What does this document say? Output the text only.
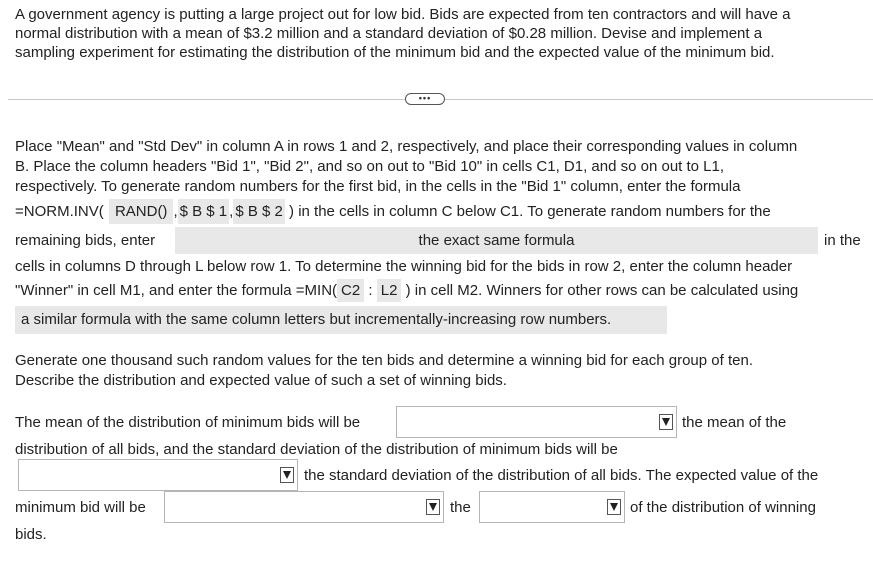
A government agency is putting a large project out for low bid. Bids are expected from ten contractors and will have a
normal distribution with a mean of $3.2 million and a standard deviation of $0.28 million. Devise and implement a
sampling experiment for estimating the distribution of the minimum bid and the expected value of the minimum bid.
•••
Place "Mean" and "Std Dev" in column A in rows 1 and 2, respectively, and place their corresponding values in column
B. Place the column headers "Bid 1", "Bid 2", and so on out to "Bid 10" in cells C1, D1, and so on out to L1,
respectively. To generate random numbers for the first bid, in the cells in the "Bid 1" column, enter the formula
=NORM.INV( RAND() , $ B $ 1 , $ B $ 2 ) in the cells in column C below C1. To generate random numbers for the
remaining bids, enter	the exact same formula	in the
cells in columns D through L below row 1. To determine the winning bid for the bids in row 2, enter the column header
"Winner" in cell M1, and enter the formula =MIN( C2 : L2 ) in cell M2. Winners for other rows can be calculated using
a similar formula with the same column letters but incrementally-increasing row numbers.
Generate one thousand such random values for the ten bids and determine a winning bid for each group of ten.
Describe the distribution and expected value of such a set of winning bids.
The mean of the distribution of minimum bids will be	the mean of the
distribution of all bids, and the standard deviation of the distribution of minimum bids will be
the standard deviation of the distribution of all bids. The expected value of the
minimum bid will be	the	of the distribution of winning
bids.
